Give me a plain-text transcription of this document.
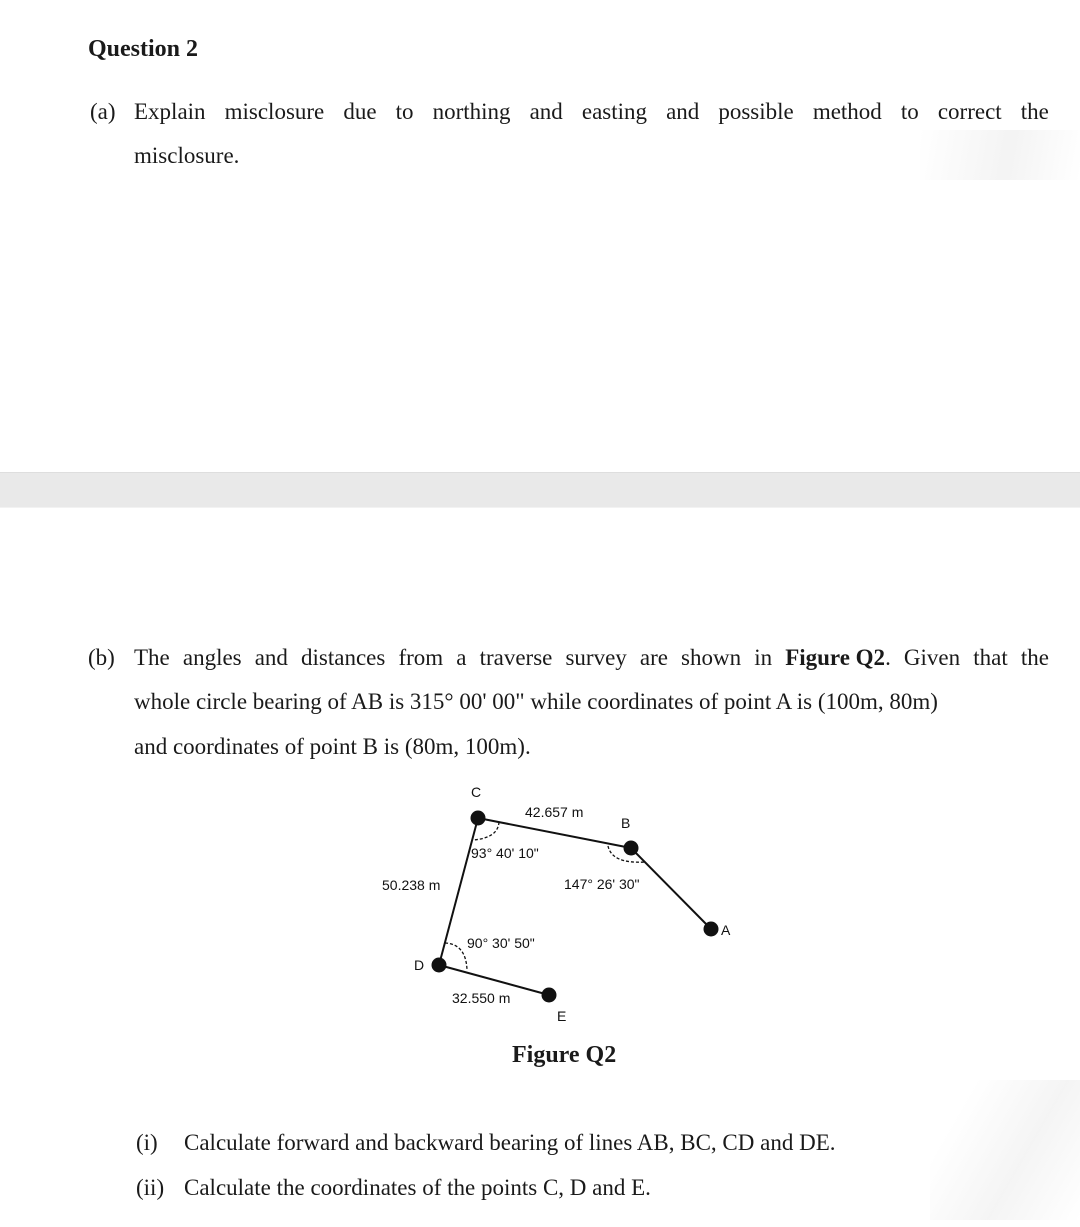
Question 2
(a) Explain misclosure due to northing and easting and possible method to correct the
misclosure.
(b) The angles and distances from a traverse survey are shown in Figure Q2. Given that the
whole circle bearing of AB is 315° 00' 00" while coordinates of point A is (100m, 80m)
and coordinates of point B is (80m, 100m).
C
B
A
D
E
42.657 m
50.238 m
32.550 m
93° 40' 10"
147° 26' 30"
90° 30' 50"
Figure Q2
(i) Calculate forward and backward bearing of lines AB, BC, CD and DE.
(ii) Calculate the coordinates of the points C, D and E.
